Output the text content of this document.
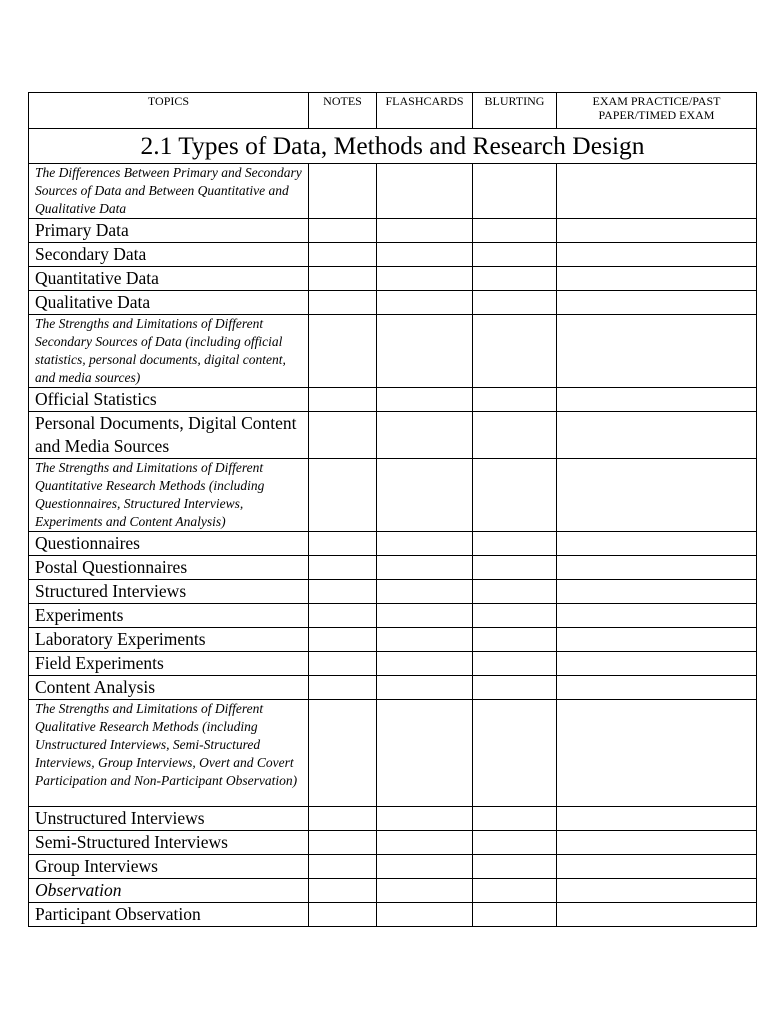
TOPICS	NOTES	FLASHCARDS	BLURTING	EXAM PRACTICE/PAST PAPER/TIMED EXAM
2.1 Types of Data, Methods and Research Design				
The Differences Between Primary and Secondary Sources of Data and Between Quantitative and Qualitative Data				
Primary Data				
Secondary Data				
Quantitative Data				
Qualitative Data				
The Strengths and Limitations of Different Secondary Sources of Data (including official statistics, personal documents, digital content, and media sources)				
Official Statistics				
Personal Documents, Digital Content and Media Sources				
The Strengths and Limitations of Different Quantitative Research Methods (including Questionnaires, Structured Interviews, Experiments and Content Analysis)				
Questionnaires				
Postal Questionnaires				
Structured Interviews				
Experiments				
Laboratory Experiments				
Field Experiments				
Content Analysis				
The Strengths and Limitations of Different Qualitative Research Methods (including Unstructured Interviews, Semi-Structured Interviews, Group Interviews, Overt and Covert Participation and Non-Participant Observation)				
Unstructured Interviews				
Semi-Structured Interviews				
Group Interviews				
Observation				
Participant Observation				
